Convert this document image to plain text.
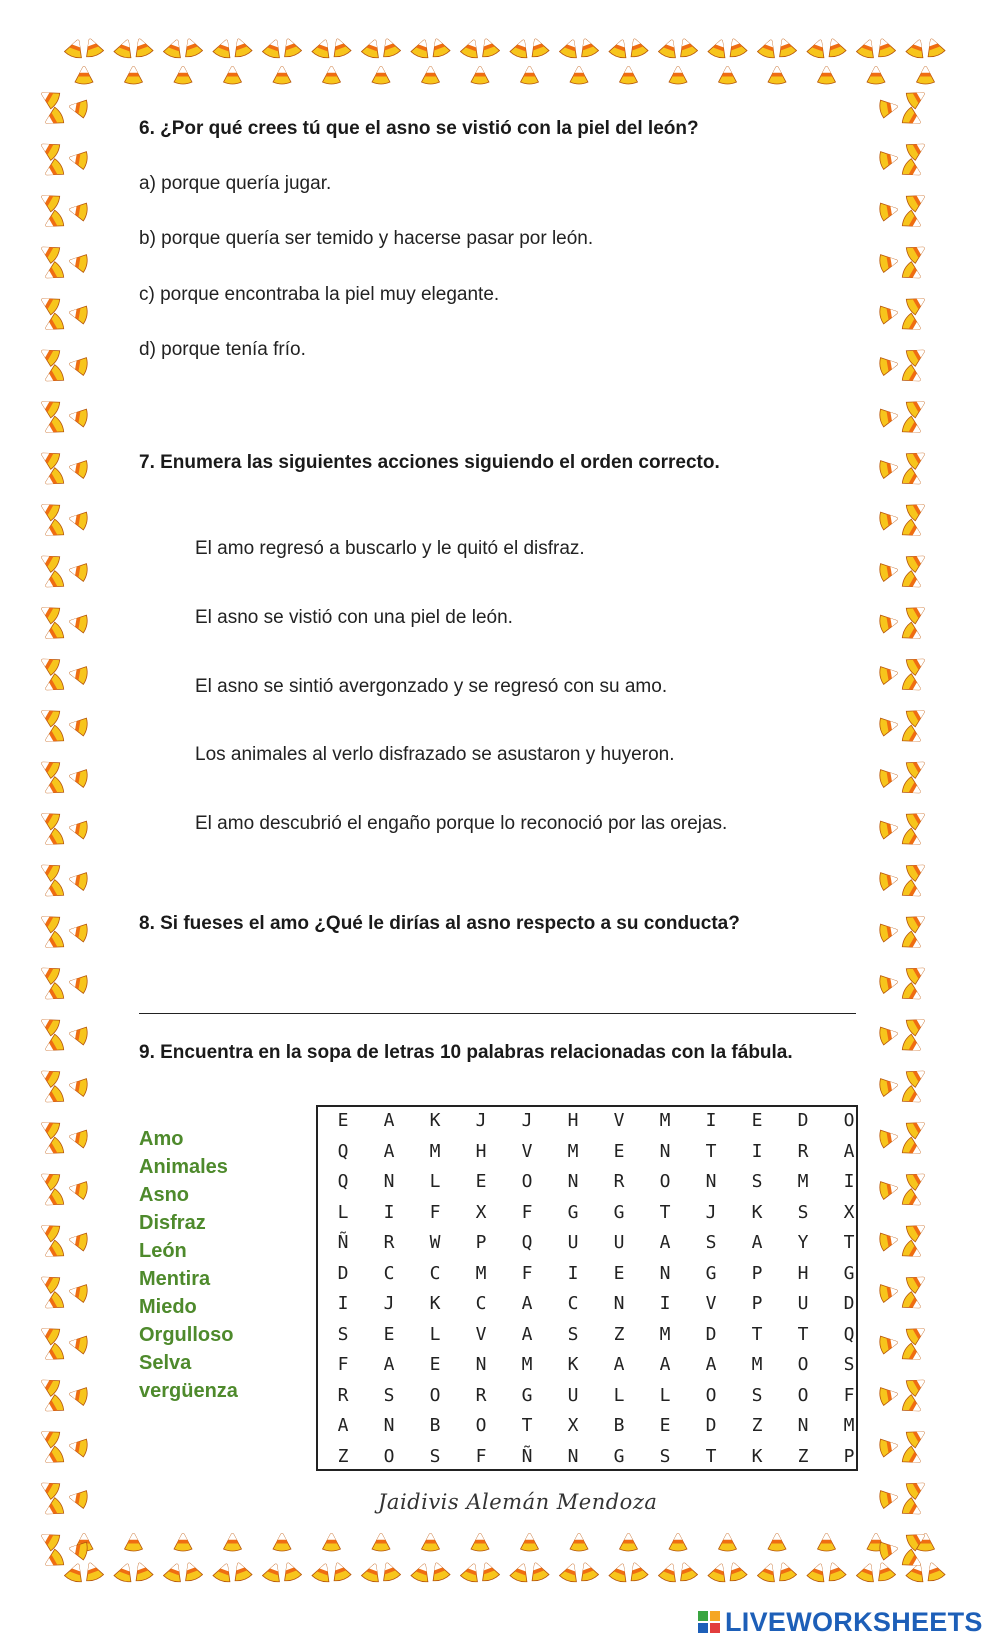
6. ¿Por qué crees tú que el asno se vistió con la piel del león?
a) porque quería jugar.
b) porque quería ser temido y hacerse pasar por león.
c) porque encontraba la piel muy elegante.
d) porque tenía frío.
7. Enumera las siguientes acciones siguiendo el orden correcto.
El amo regresó a buscarlo y le quitó el disfraz.
El asno se vistió con una piel de león.
El asno se sintió avergonzado y se regresó con su amo.
Los animales al verlo disfrazado se asustaron y huyeron.
El amo descubrió el engaño porque lo reconoció por las orejas.
8. Si fueses el amo ¿Qué le dirías al asno respecto a su conducta?
9. Encuentra en la sopa de letras 10 palabras relacionadas con la fábula.
Amo
Animales
Asno
Disfraz
León
Mentira
Miedo
Orgulloso
Selva
vergüenza
E	A	K	J	J	H	V	M	I	E	D	O
Q	A	M	H	V	M	E	N	T	I	R	A
Q	N	L	E	O	N	R	O	N	S	M	I
L	I	F	X	F	G	G	T	J	K	S	X
Ñ	R	W	P	Q	U	U	A	S	A	Y	T
D	C	C	M	F	I	E	N	G	P	H	G
I	J	K	C	A	C	N	I	V	P	U	D
S	E	L	V	A	S	Z	M	D	T	T	Q
F	A	E	N	M	K	A	A	A	M	O	S
R	S	O	R	G	U	L	L	O	S	O	F
A	N	B	O	T	X	B	E	D	Z	N	M
Z	O	S	F	Ñ	N	G	S	T	K	Z	P
Jaidivis Alemán Mendoza
LIVEWORKSHEETS
